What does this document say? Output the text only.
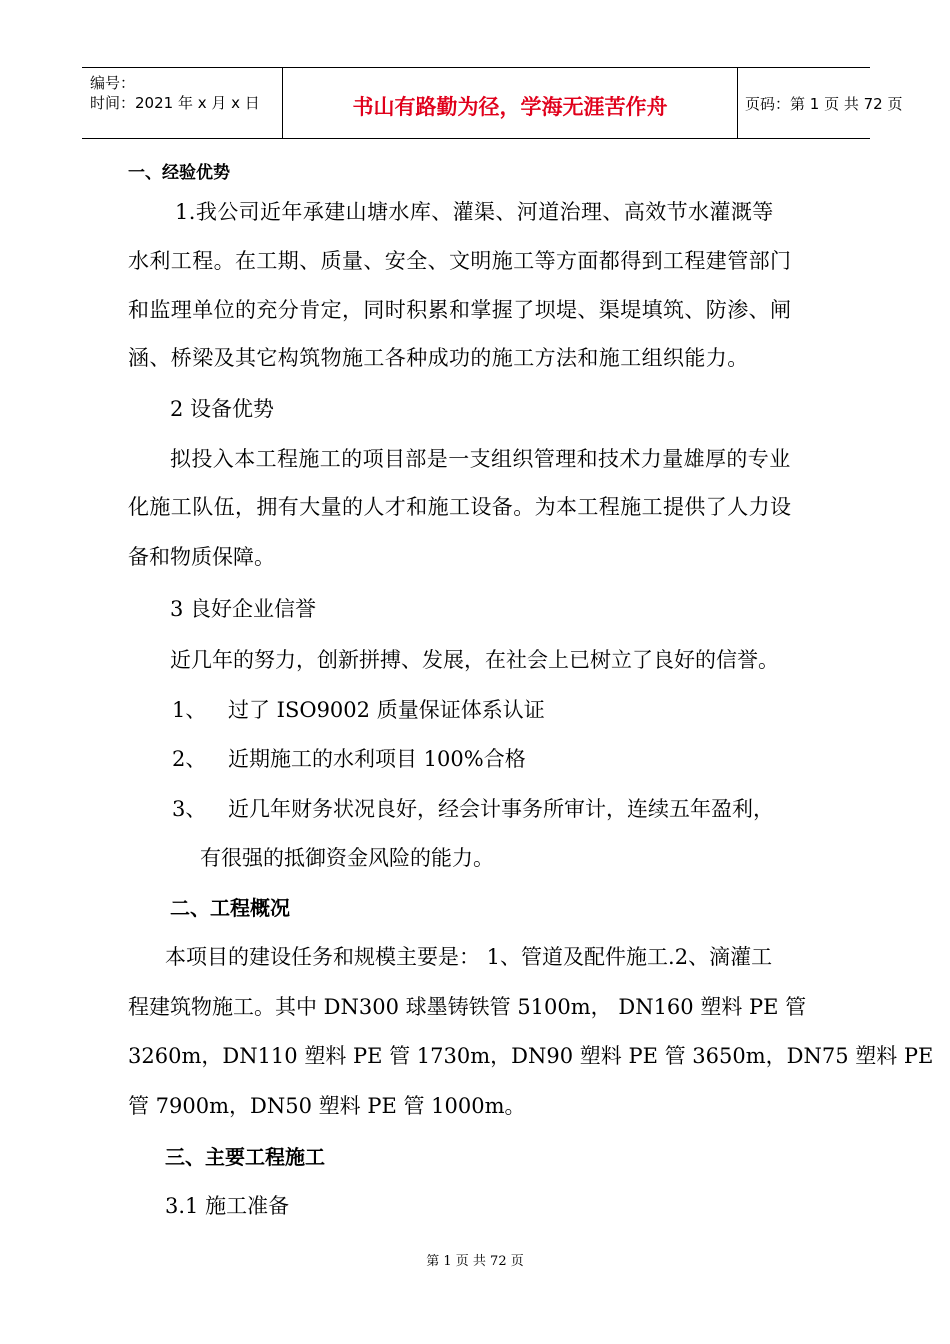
编号：
时间：2021 年 x 月 x 日	书山有路勤为径，学海无涯苦作舟	页码：第 1 页 共 72 页
一、经验优势
1.我公司近年承建山塘水库、灌渠、河道治理、高效节水灌溉等
水利工程。在工期、质量、安全、文明施工等方面都得到工程建管部门
和监理单位的充分肯定，同时积累和掌握了坝堤、渠堤填筑、防渗、闸
涵、桥梁及其它构筑物施工各种成功的施工方法和施工组织能力。
2 设备优势
拟投入本工程施工的项目部是一支组织管理和技术力量雄厚的专业
化施工队伍，拥有大量的人才和施工设备。为本工程施工提供了人力设
备和物质保障。
3 良好企业信誉
近几年的努力，创新拼搏、发展，在社会上已树立了良好的信誉。
1、 过了 ISO9002 质量保证体系认证
2、 近期施工的水利项目 100%合格
3、 近几年财务状况良好，经会计事务所审计，连续五年盈利，
有很强的抵御资金风险的能力。
二、工程概况
本项目的建设任务和规模主要是： 1、管道及配件施工.2、滴灌工
程建筑物施工。其中 DN300 球墨铸铁管 5100m， DN160 塑料 PE 管
3260m，DN110 塑料 PE 管 1730m，DN90 塑料 PE 管 3650m，DN75 塑料 PE
管 7900m，DN50 塑料 PE 管 1000m。
三、主要工程施工
3.1 施工准备
第 1 页 共 72 页
